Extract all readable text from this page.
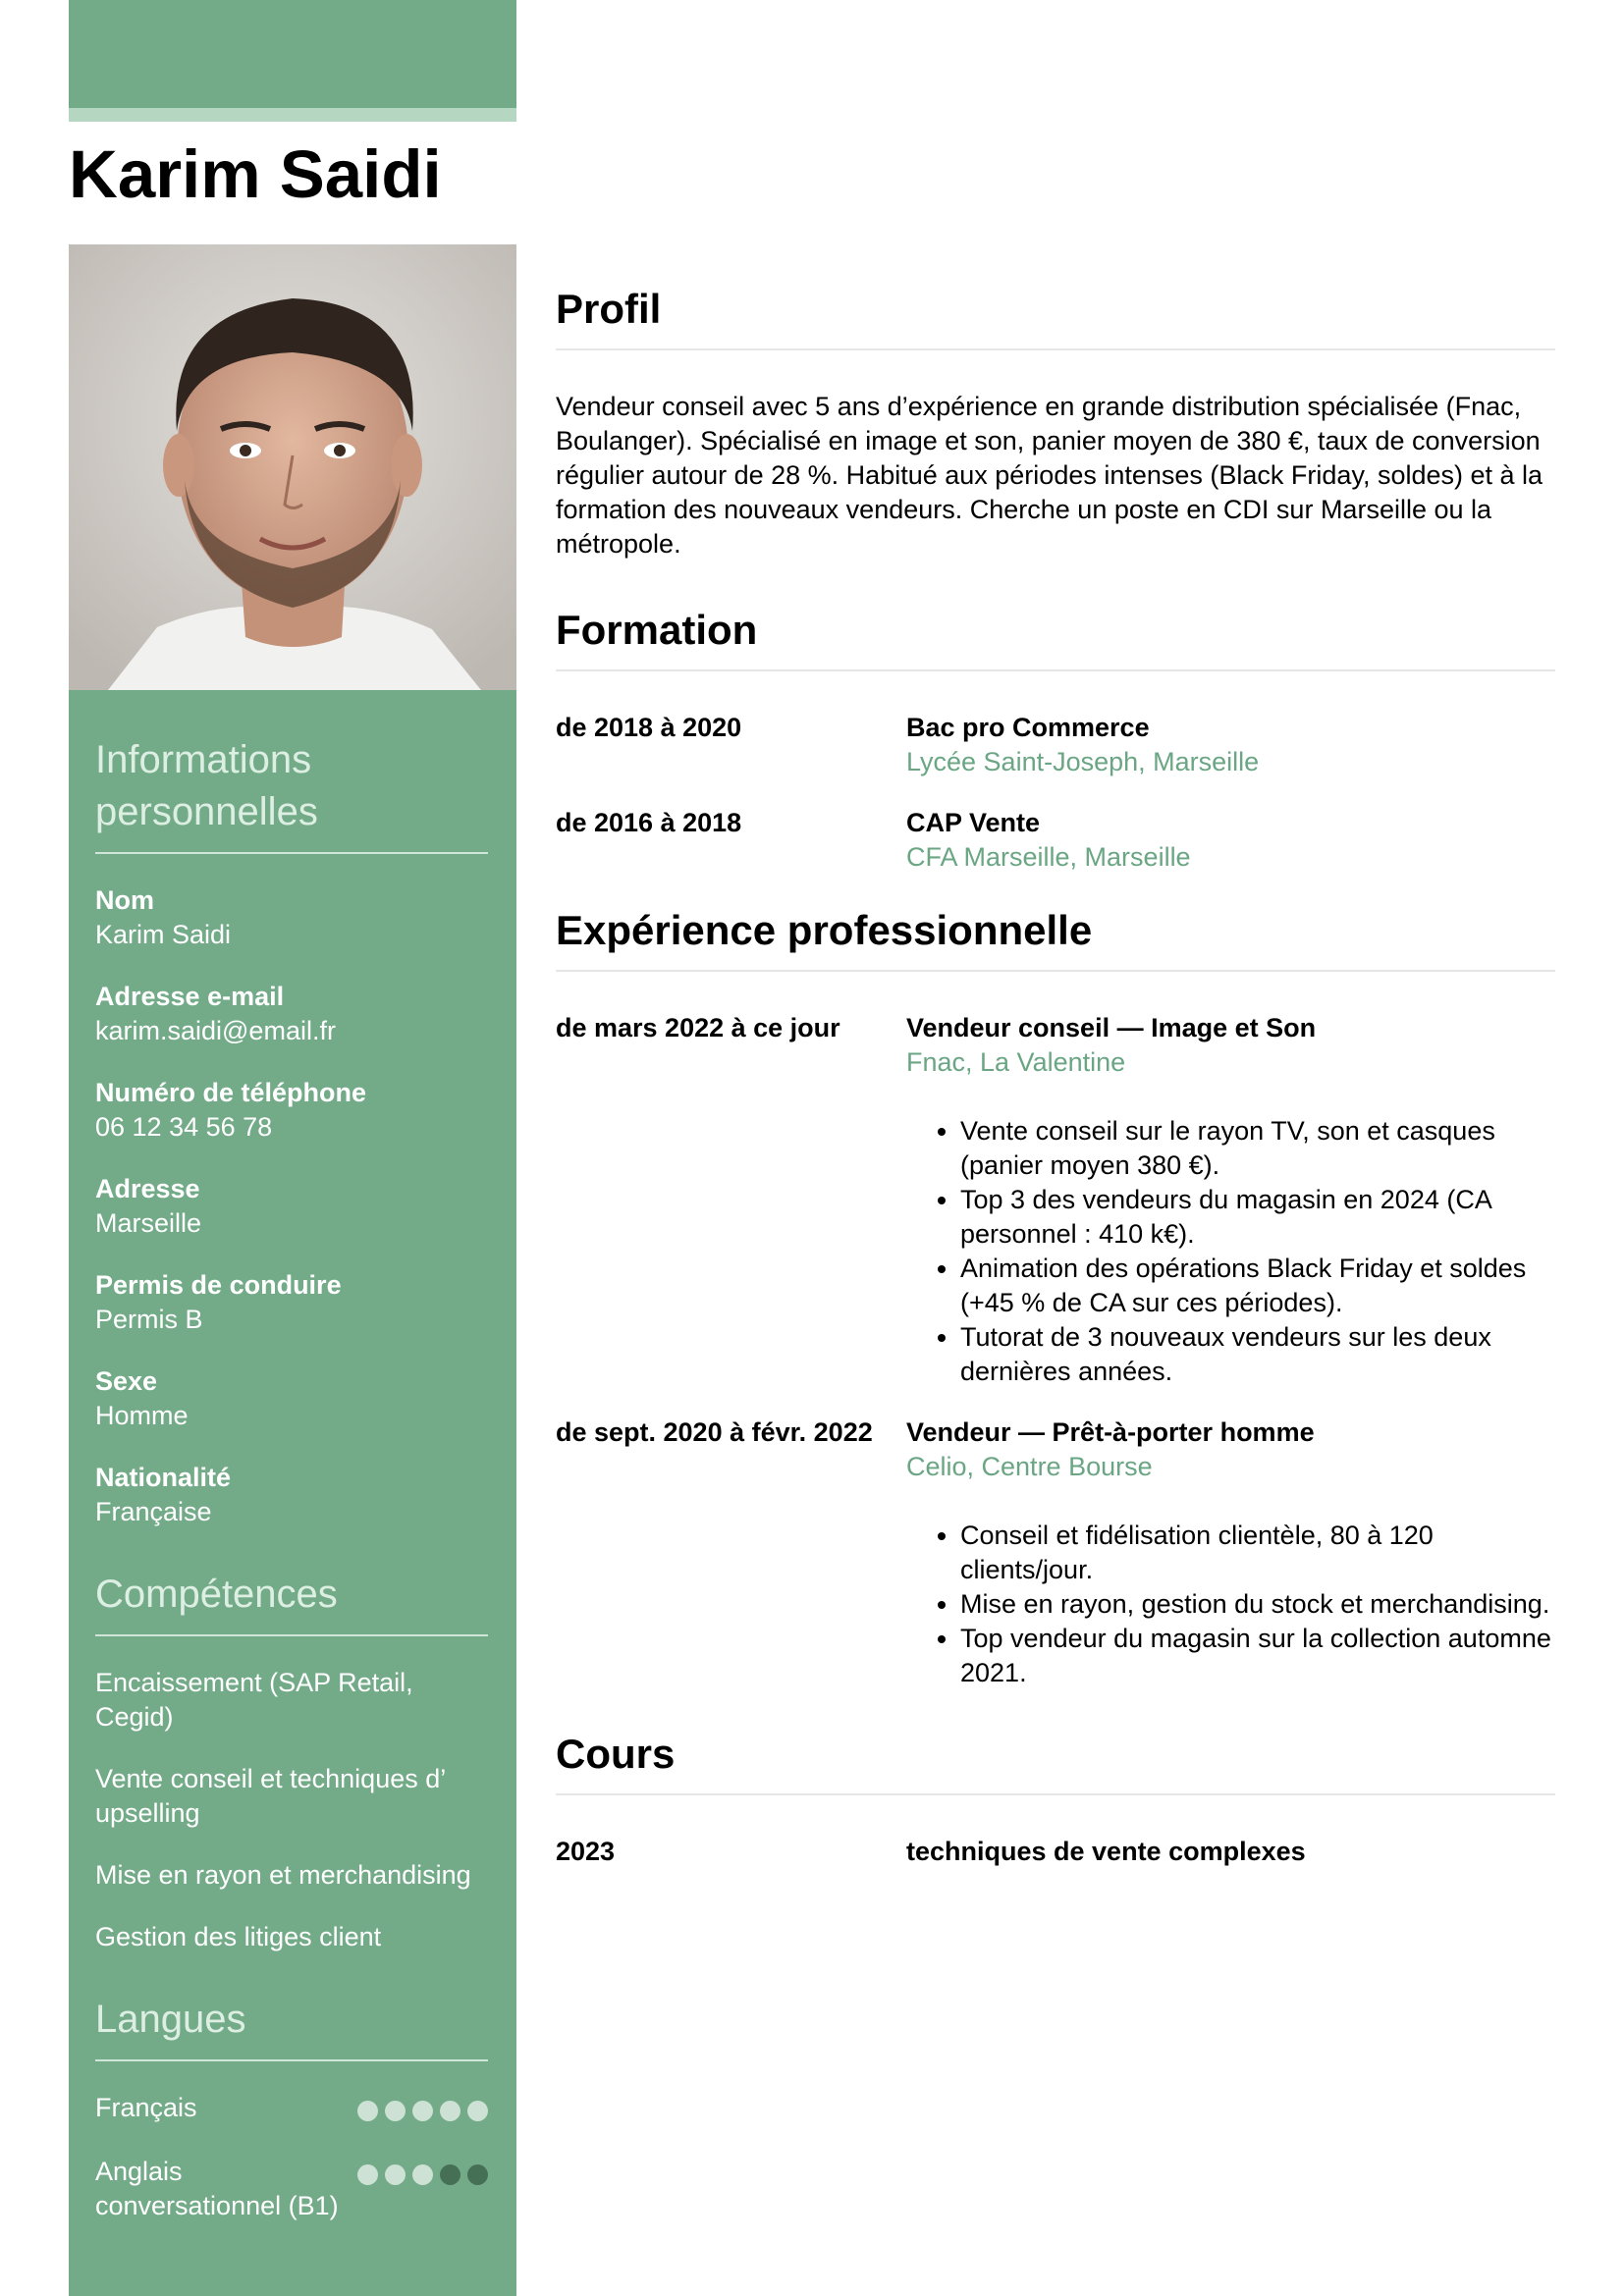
Karim Saidi
Informations personnelles
Nom
Karim Saidi
Adresse e-mail
karim.saidi@email.fr
Numéro de téléphone
06 12 34 56 78
Adresse
Marseille
Permis de conduire
Permis B
Sexe
Homme
Nationalité
Française
Compétences
Encaissement (SAP Retail, Cegid)
Vente conseil et techniques d’ upselling
Mise en rayon et merchandising
Gestion des litiges client
Langues
Français
Anglais conversationnel (B1)
Profil

Vendeur conseil avec 5 ans d’expérience en grande distribution spécialisée (Fnac, Boulanger). Spécialisé en image et son, panier moyen de 380 €, taux de conversion régulier autour de 28 %. Habitué aux périodes intenses (Black Friday, soldes) et à la formation des nouveaux vendeurs. Cherche un poste en CDI sur Marseille ou la métropole.

Formation
de 2018 à 2020	Bac pro Commerce
Lycée Saint-Joseph, Marseille
de 2016 à 2018	CAP Vente
CFA Marseille, Marseille
Expérience professionnelle
de mars 2022 à ce jour	Vendeur conseil — Image et Son
Fnac, La Valentine
• Vente conseil sur le rayon TV, son et casques (panier moyen 380 €).
• Top 3 des vendeurs du magasin en 2024 (CA personnel : 410 k€).
• Animation des opérations Black Friday et soldes (+45 % de CA sur ces périodes).
• Tutorat de 3 nouveaux vendeurs sur les deux dernières années.
de sept. 2020 à févr. 2022	Vendeur — Prêt-à-porter homme
Celio, Centre Bourse
• Conseil et fidélisation clientèle, 80 à 120 clients/jour.
• Mise en rayon, gestion du stock et merchandising.
• Top vendeur du magasin sur la collection automne 2021.
Cours
2023	techniques de vente complexes
